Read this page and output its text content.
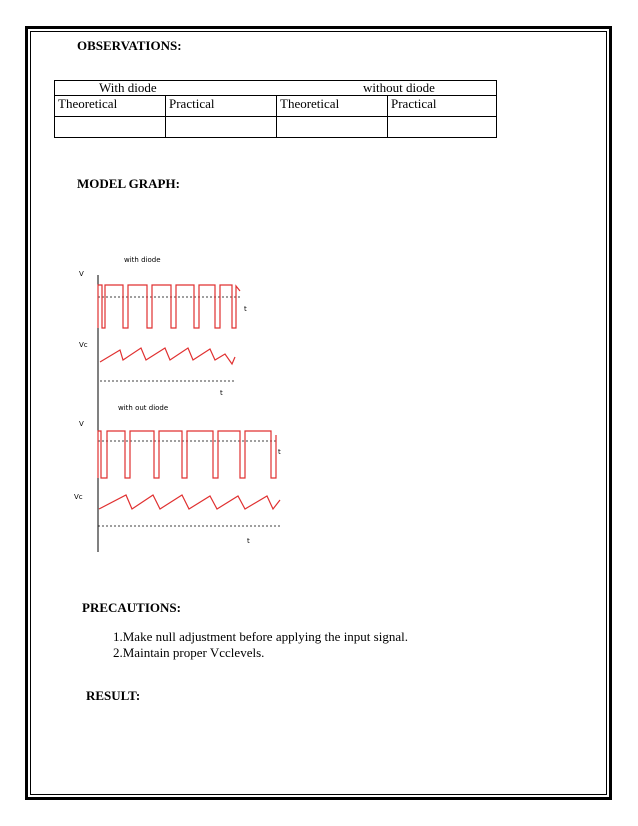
OBSERVATIONS:
With diode without diode			

Theoretical	Practical	Theoretical	Practical

MODEL GRAPH:
with diode
V
t
Vc
t
with out diode
V
t
Vc
t
PRECAUTIONS:
1.Make null adjustment before applying the input signal.
2.Maintain proper Vcclevels.
RESULT:
